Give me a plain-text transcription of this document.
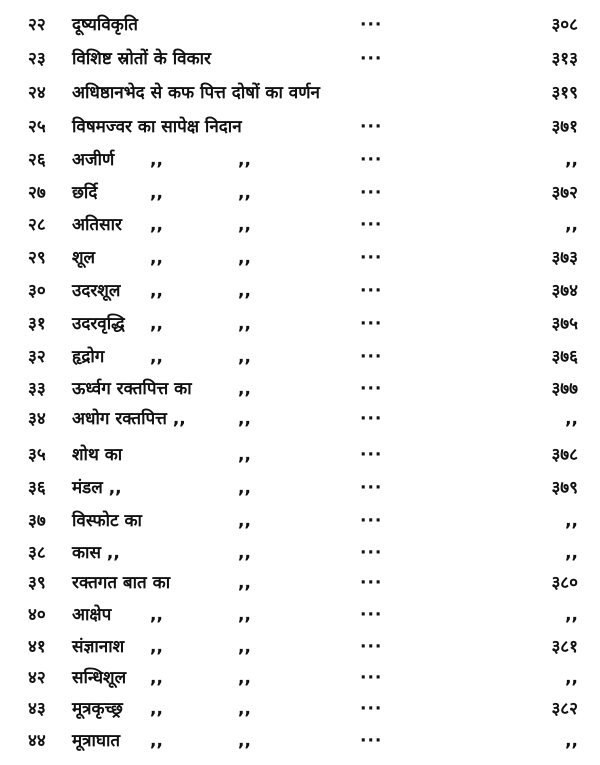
२२	दूष्यविकृति	···	३०८
२३	विशिष्ट स्रोतों के विकार	···	३१३
२४	अधिष्ठानभेद से कफ पित्त दोषों का वर्णन	३१९
२५	विषमज्वर का सापेक्ष निदान	···	३७१
२६	अजीर्ण ,,	,,	···	,,
२७	छर्दि	,,	,,	···	३७२
२८	अतिसार ,,	,,	···	,,
२९	शूल	,,	,,	···	३७३
३०	उदरशूल ,,	,,	···	३७४
३१	उदरवृद्धि ,,	,,	···	३७५
३२	हृद्रोग	,,	,,	···	३७६
३३	ऊर्ध्वग रक्तपित्त का	,,	···	३७७
३४	अधोग रक्तपित्त ,,	,,	···	,,
३५	शोथ का	,,	···	३७८
३६	मंडल ,,	,,	···	३७९
३७	विस्फोट का	,,	···	,,
३८	कास ,,	,,	···	,,
३९	रक्तगत बात का	,,	···	३८०
४०	आक्षेप ,,	,,	···	,,
४१	संज्ञानाश ,,	,,	···	३८१
४२	सन्धिशूल ,,	,,	···	,,
४३	मूत्रकृच्छ्र ,,	,,	···	३८२
४४	मूत्राघात ,,	,,	···	,,
